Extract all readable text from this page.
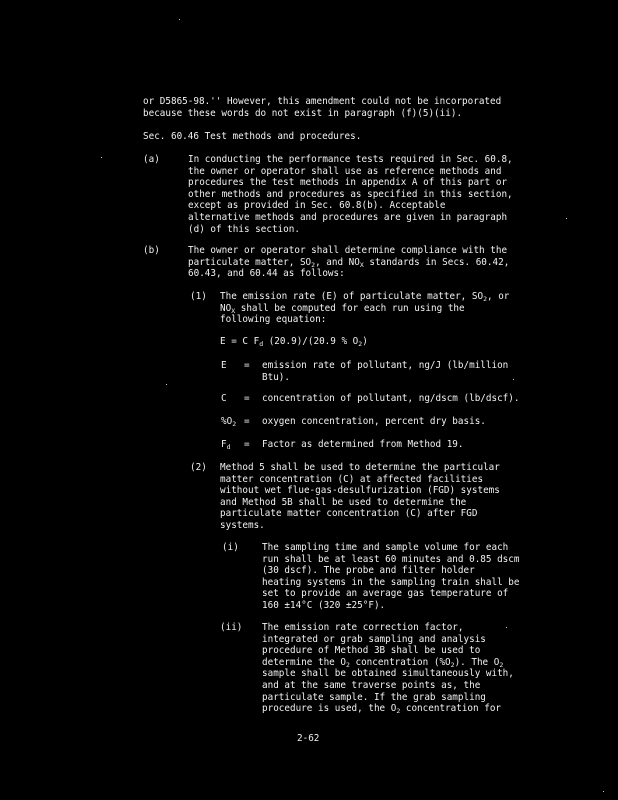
or D5865-98.'' However, this amendment could not be incorporated
because these words do not exist in paragraph (f)(5)(ii).
Sec. 60.46 Test methods and procedures.
(a)	In conducting the performance tests required in Sec. 60.8,
the owner or operator shall use as reference methods and
procedures the test methods in appendix A of this part or
other methods and procedures as specified in this section,
except as provided in Sec. 60.8(b). Acceptable
alternative methods and procedures are given in paragraph
(d) of this section.
(b)	The owner or operator shall determine compliance with the
particulate matter, $SO_2$, and $NO_X$ standards in Secs. 60.42,
60.43, and 60.44 as follows:
(1) The emission rate (E) of particulate matter, $SO_2$, or
$NO_X$ shall be computed for each run using the
following equation:
E = C $F_d$ (20.9)/(20.9 % $O_2$)
E = emission rate of pollutant, ng/J (lb/million
Btu).
C = concentration of pollutant, ng/dscm (lb/dscf).
$\%O_2$ = oxygen concentration, percent dry basis.
$F_d$ = Factor as determined from Method 19.
(2) Method 5 shall be used to determine the particular
matter concentration (C) at affected facilities
without wet flue-gas-desulfurization (FGD) systems
and Method 5B shall be used to determine the
particulate matter concentration (C) after FGD
systems.
(i) The sampling time and sample volume for each
run shall be at least 60 minutes and 0.85 dscm
(30 dscf). The probe and filter holder
heating systems in the sampling train shall be
set to provide an average gas temperature of
160 ±14°C (320 ±25°F).
(ii) The emission rate correction factor,
integrated or grab sampling and analysis
procedure of Method 3B shall be used to
determine the $O_2$ concentration $(\%O_2)$. The $O_2$
sample shall be obtained simultaneously with,
and at the same traverse points as, the
particulate sample. If the grab sampling
procedure is used, the $O_2$ concentration for
2-62
